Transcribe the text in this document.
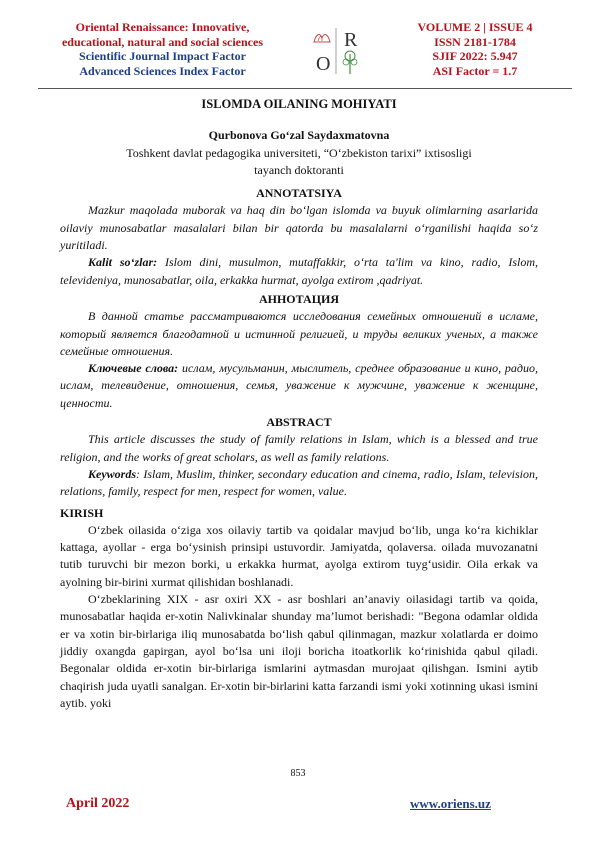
Oriental Renaissance: Innovative,
educational, natural and social sciences
Scientific Journal Impact Factor
Advanced Sciences Index Factor
R
O
VOLUME 2 | ISSUE 4
ISSN 2181-1784
SJIF 2022: 5.947
ASI Factor = 1.7
ISLOMDA OILANING MOHIYATI
Qurbonova Go‘zal Saydaxmatovna
Toshkent davlat pedagogika universiteti, “O‘zbekiston tarixi” ixtisosligi
tayanch doktoranti
ANNOTATSIYA

Mazkur maqolada muborak va haq din bo‘lgan islomda va buyuk olimlarning asarlarida oilaviy munosabatlar masalalari bilan bir qatorda bu masalalarni o‘rganilishi haqida so‘z yuritiladi.

Kalit so‘zlar: Islom dini, musulmon, mutaffakkir, o‘rta ta'lim va kino, radio, Islom, televideniya, munosabatlar, oila, erkakka hurmat, ayolga extirom ,qadriyat.

АННОТАЦИЯ

В данной статье рассматриваются исследования семейных отношений в исламе, который является благодатной и истинной религией, и труды великих ученых, а также семейные отношения.

Ключевые слова: ислам, мусульманин, мыслитель, среднее образование и кино, радио, ислам, телевидение, отношения, семья, уважение к мужчине, уважение к женщине, ценности.

ABSTRACT

This article discusses the study of family relations in Islam, which is a blessed and true religion, and the works of great scholars, as well as family relations.

Keywords: Islam, Muslim, thinker, secondary education and cinema, radio, Islam, television, relations, family, respect for men, respect for women, value.

KIRISH

O‘zbek oilasida o‘ziga xos oilaviy tartib va qoidalar mavjud bo‘lib, unga ko‘ra kichiklar kattaga, ayollar - erga bo‘ysinish prinsipi ustuvordir. Jamiyatda, qolaversa. oilada muvozanatni tutib turuvchi bir mezon borki, u erkakka hurmat, ayolga extirom tuyg‘usidir. Oila erkak va ayolning bir-birini xurmat qilishidan boshlanadi.

O‘zbeklarining XIX - asr oxiri XX - asr boshlari an’anaviy oilasidagi tartib va qoida, munosabatlar haqida er-xotin Nalivkinalar shunday ma’lumot berishadi: "Begona odamlar oldida er va xotin bir-birlariga iliq munosabatda bo‘lish qabul qilinmagan, mazkur xolatlarda er doimo jiddiy oxangda gapirgan, ayol bo‘lsa uni iloji boricha itoatkorlik ko‘rinishida qabul qiladi. Begonalar oldida er-xotin bir-birlariga ismlarini aytmasdan murojaat qilishgan. Ismini aytib chaqirish juda uyatli sanalgan. Er-xotin bir-birlarini katta farzandi ismi yoki xotinning ukasi ismini aytib. yoki

853
April 2022	www.oriens.uz
